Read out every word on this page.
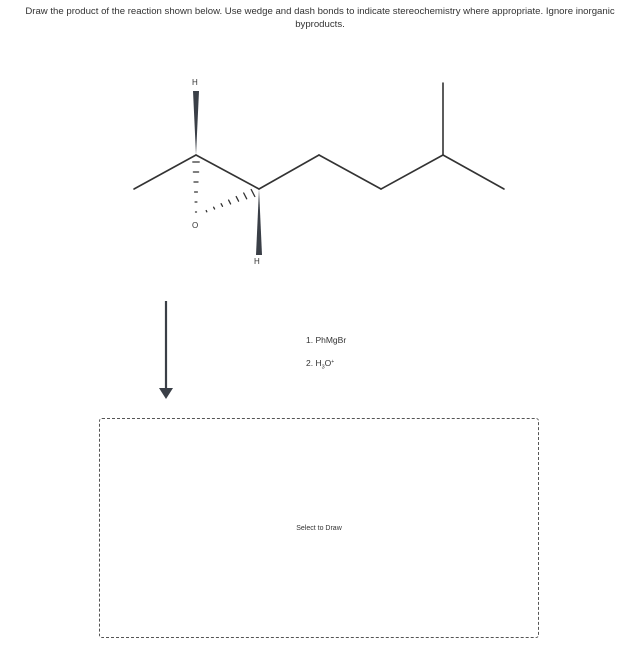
Draw the product of the reaction shown below. Use wedge and dash bonds to indicate stereochemistry where appropriate. Ignore inorganic byproducts.
H
O
H
1. PhMgBr
2. $H_3O^+$
Select to Draw
